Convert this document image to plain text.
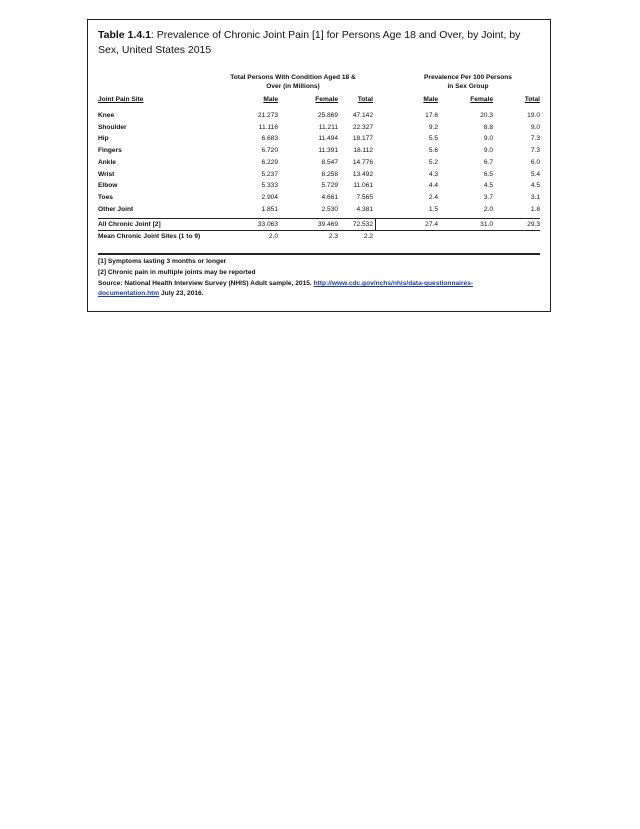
Table 1.4.1: Prevalence of Chronic Joint Pain [1] for Persons Age 18 and Over, by Joint, by Sex, United States 2015
Total Persons With Condition Aged 18 &
Over (in Millions)
Prevalence Per 100 Persons
in Sex Group
Joint Pain Site	Male	Female	Total	Male	Female	Total
Knee	21.273	25.869	47.142	17.6	20.3	19.0
Shoulder	11.116	11.211	22.327	9.2	8.8	9.0
Hip	6.683	11.494	18.177	5.5	9.0	7.3
Fingers	6.720	11.391	18.112	5.6	9.0	7.3
Ankle	6.229	8.547	14.776	5.2	6.7	6.0
Wrist	5.237	8.258	13.492	4.3	6.5	5.4
Elbow	5.333	5.729	11.061	4.4	4.5	4.5
Toes	2.904	4.661	7.565	2.4	3.7	3.1
Other Joint	1.851	2.530	4.381	1.5	2.0	1.8
All Chronic Joint [2]	33.063	39.469	72.532	27.4	31.0	29.3
Mean Chronic Joint Sites (1 to 9)	2.0	2.3	2.2
[1] Symptoms lasting 3 months or longer
[2] Chronic pain in multiple joints may be reported
Source: National Health Interview Survey (NHIS) Adult sample, 2015. http://www.cdc.gov/nchs/nhis/data-questionnaires-
documentation.htm July 23, 2016.
